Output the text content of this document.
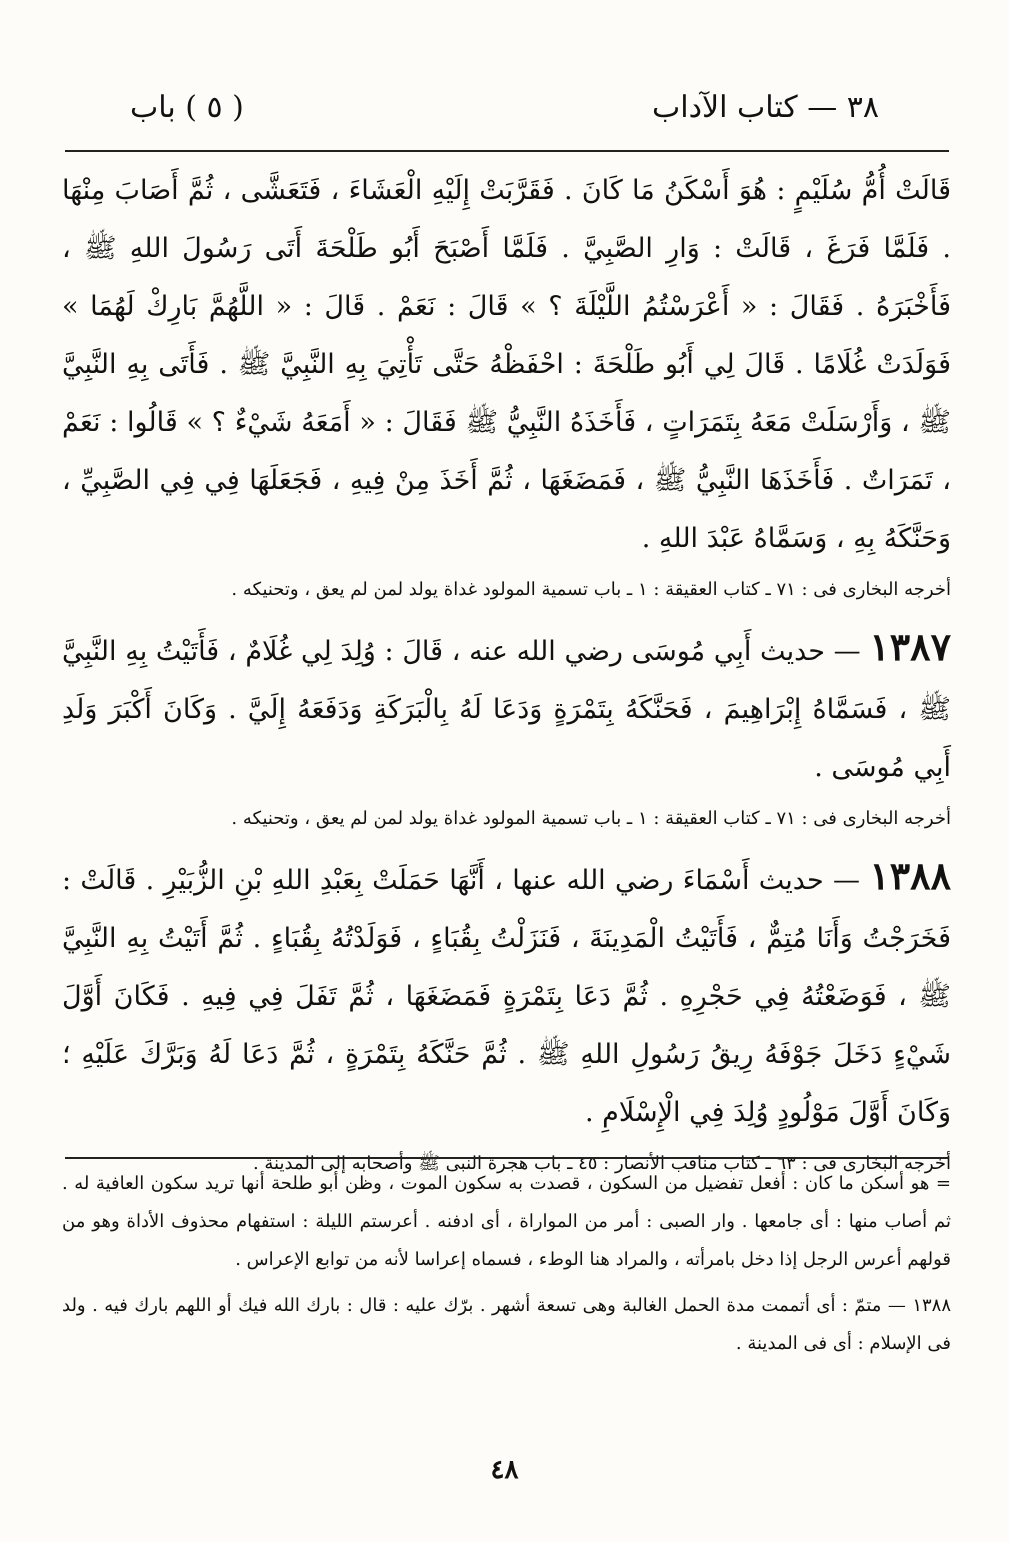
٣٨ — كتاب الآداب
( ٥ ) باب

قَالَتْ أُمُّ سُلَيْمٍ : هُوَ أَسْكَنُ مَا كَانَ . فَقَرَّبَتْ إِلَيْهِ الْعَشَاءَ ، فَتَعَشَّى ، ثُمَّ أَصَابَ مِنْهَا . فَلَمَّا فَرَغَ ، قَالَتْ : وَارِ الصَّبِيَّ . فَلَمَّا أَصْبَحَ أَبُو طَلْحَةَ أَتَى رَسُولَ اللهِ ﷺ ، فَأَخْبَرَهُ . فَقَالَ : « أَعْرَسْتُمُ اللَّيْلَةَ ؟ » قَالَ : نَعَمْ . قَالَ : « اللَّهُمَّ بَارِكْ لَهُمَا » فَوَلَدَتْ غُلَامًا . قَالَ لِي أَبُو طَلْحَةَ : احْفَظْهُ حَتَّى تَأْتِيَ بِهِ النَّبِيَّ ﷺ . فَأَتَى بِهِ النَّبِيَّ ﷺ ، وَأَرْسَلَتْ مَعَهُ بِتَمَرَاتٍ ، فَأَخَذَهُ النَّبِيُّ ﷺ فَقَالَ : « أَمَعَهُ شَيْءٌ ؟ » قَالُوا : نَعَمْ ، تَمَرَاتٌ . فَأَخَذَهَا النَّبِيُّ ﷺ ، فَمَضَغَهَا ، ثُمَّ أَخَذَ مِنْ فِيهِ ، فَجَعَلَهَا فِي فِي الصَّبِيِّ ، وَحَنَّكَهُ بِهِ ، وَسَمَّاهُ عَبْدَ اللهِ .

أخرجه البخارى فى : ٧١ ـ كتاب العقيقة : ١ ـ باب تسمية المولود غداة يولد لمن لم يعق ، وتحنيكه .

١٣٨٧ — حديث أَبِي مُوسَى رضي الله عنه ، قَالَ : وُلِدَ لِي غُلَامٌ ، فَأَتَيْتُ بِهِ النَّبِيَّ ﷺ ، فَسَمَّاهُ إِبْرَاهِيمَ ، فَحَنَّكَهُ بِتَمْرَةٍ وَدَعَا لَهُ بِالْبَرَكَةِ وَدَفَعَهُ إِلَيَّ . وَكَانَ أَكْبَرَ وَلَدِ أَبِي مُوسَى .

أخرجه البخارى فى : ٧١ ـ كتاب العقيقة : ١ ـ باب تسمية المولود غداة يولد لمن لم يعق ، وتحنيكه .

١٣٨٨ — حديث أَسْمَاءَ رضي الله عنها ، أَنَّهَا حَمَلَتْ بِعَبْدِ اللهِ بْنِ الزُّبَيْرِ . قَالَتْ : فَخَرَجْتُ وَأَنَا مُتِمٌّ ، فَأَتَيْتُ الْمَدِينَةَ ، فَنَزَلْتُ بِقُبَاءٍ ، فَوَلَدْتُهُ بِقُبَاءٍ . ثُمَّ أَتَيْتُ بِهِ النَّبِيَّ ﷺ ، فَوَضَعْتُهُ فِي حَجْرِهِ . ثُمَّ دَعَا بِتَمْرَةٍ فَمَضَغَهَا ، ثُمَّ تَفَلَ فِي فِيهِ . فَكَانَ أَوَّلَ شَيْءٍ دَخَلَ جَوْفَهُ رِيقُ رَسُولِ اللهِ ﷺ . ثُمَّ حَنَّكَهُ بِتَمْرَةٍ ، ثُمَّ دَعَا لَهُ وَبَرَّكَ عَلَيْهِ ؛ وَكَانَ أَوَّلَ مَوْلُودٍ وُلِدَ فِي الْإِسْلَامِ .

أخرجه البخارى فى : ٦٣ ـ كتاب مناقب الأنصار : ٤٥ ـ باب هجرة النبى ﷺ وأصحابه إلى المدينة .

= هو أسكن ما كان : أفعل تفضيل من السكون ، قصدت به سكون الموت ، وظن أبو طلحة أنها تريد سكون العافية له . ثم أصاب منها : أى جامعها . وار الصبى : أمر من المواراة ، أى ادفنه . أعرستم الليلة : استفهام محذوف الأداة وهو من قولهم أعرس الرجل إذا دخل بامرأته ، والمراد هنا الوطء ، فسماه إعراسا لأنه من توابع الإعراس .

١٣٨٨ — متمّ : أى أتممت مدة الحمل الغالبة وهى تسعة أشهر . برّك عليه : قال : بارك الله فيك أو اللهم بارك فيه . ولد فى الإسلام : أى فى المدينة .

٤٨
